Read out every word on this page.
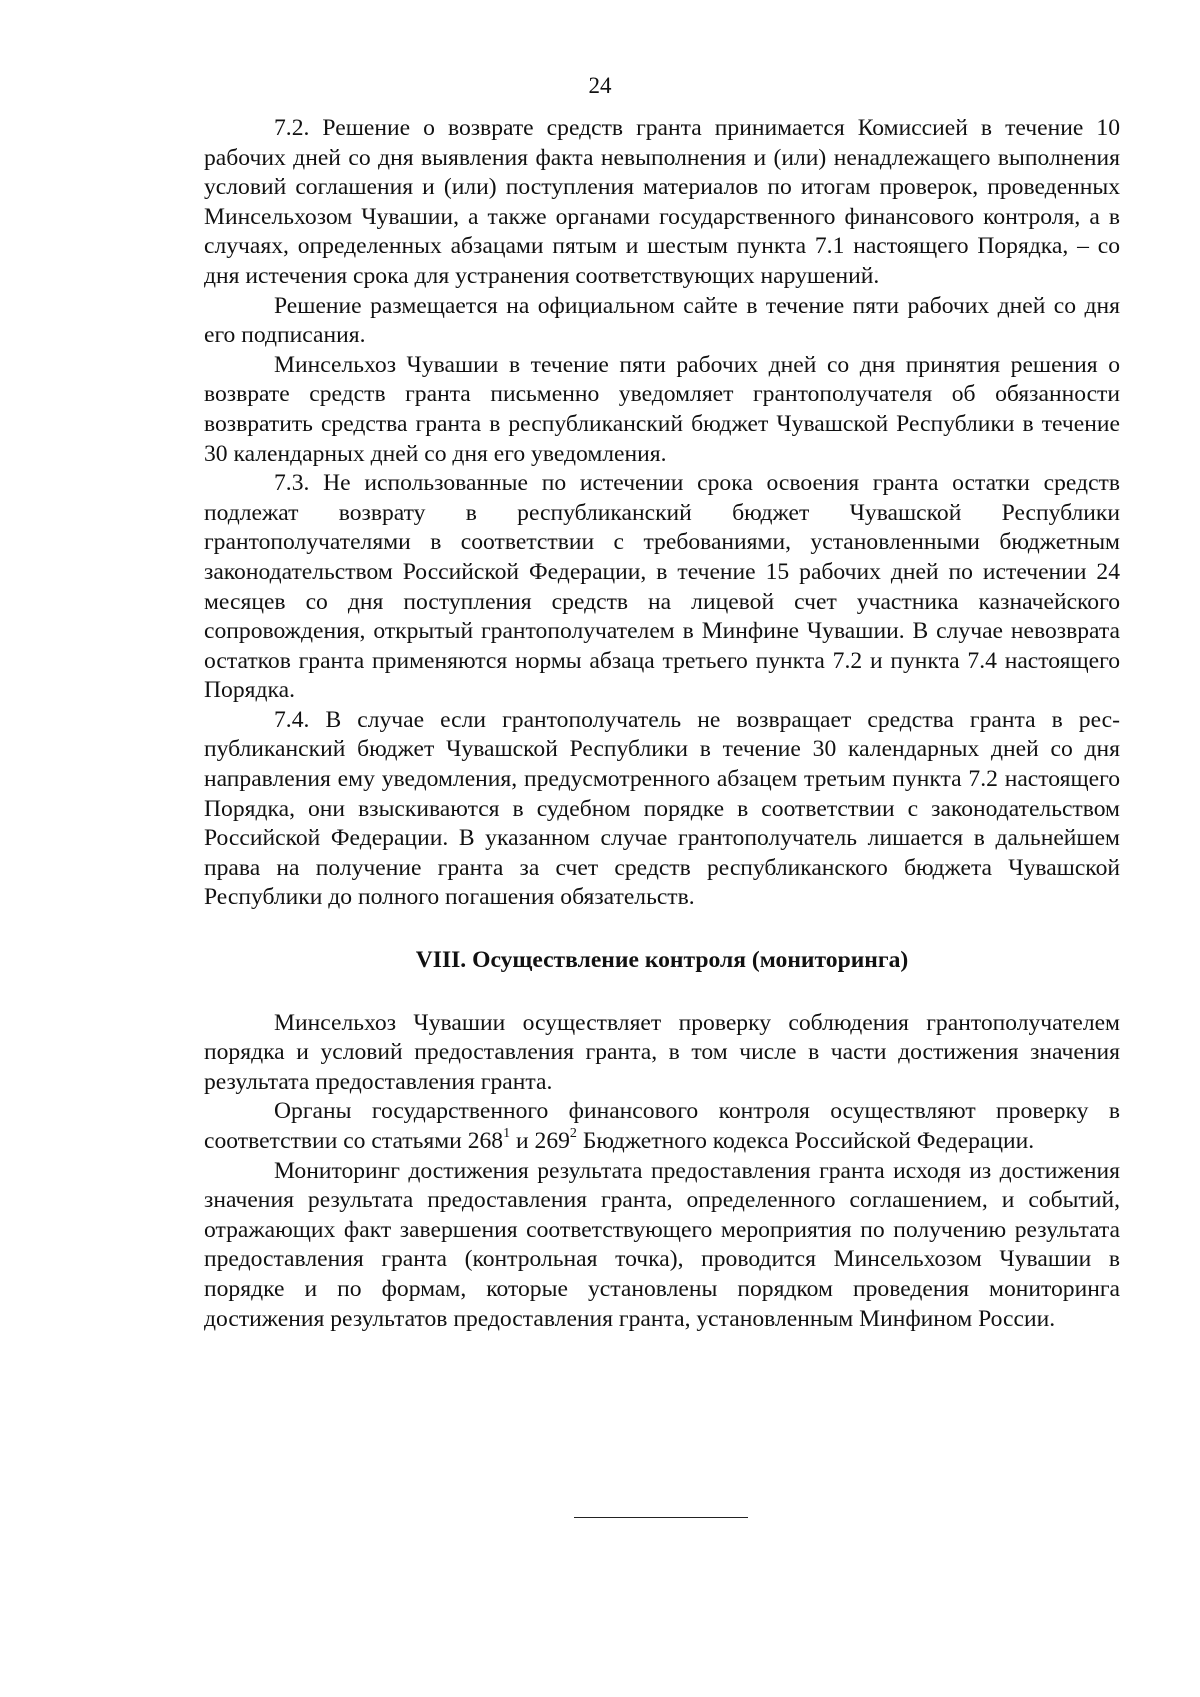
24

7.2. Решение о возврате средств гранта принимается Комиссией в течение 10 рабочих дней со дня выявления факта невыполнения и (или) ненадлежащего выполнения условий соглашения и (или) поступления материалов по итогам проверок, проведенных Минсельхозом Чувашии, а также органами государственного финансового контроля, а в случаях, определенных абзацами пятым и шестым пункта 7.1 настоящего Порядка, – со дня истечения срока для устранения соответствующих нарушений.

Решение размещается на официальном сайте в течение пяти рабочих дней со дня его подписания.

Минсельхоз Чувашии в течение пяти рабочих дней со дня принятия решения о возврате средств гранта письменно уведомляет грантополучателя об обязанности возвратить средства гранта в республиканский бюджет Чувашской Республики в течение 30 календарных дней со дня его уведомления.

7.3. Не использованные по истечении срока освоения гранта остатки средств подлежат возврату в республиканский бюджет Чувашской Республики грантополучателями в соответствии с требованиями, установленными бюджетным законодательством Российской Федерации, в течение 15 рабочих дней по истечении 24 месяцев со дня поступления средств на лицевой счет участника казначейского сопровождения, открытый грантополучателем в Минфине Чувашии. В случае невозврата остатков гранта применяются нормы абзаца третьего пункта 7.2 и пункта 7.4 настоящего Порядка.

7.4. В случае если грантополучатель не возвращает средства гранта в республиканский бюджет Чувашской Республики в течение 30 календарных дней со дня направления ему уведомления, предусмотренного абзацем третьим пункта 7.2 настоящего Порядка, они взыскиваются в судебном порядке в соответствии с законодательством Российской Федерации. В указанном случае грантополучатель лишается в дальнейшем права на получение гранта за счет средств республиканского бюджета Чувашской Республики до полного погашения обязательств.

VIII. Осуществление контроля (мониторинга)

Минсельхоз Чувашии осуществляет проверку соблюдения грантополучателем порядка и условий предоставления гранта, в том числе в части достижения значения результата предоставления гранта.

Органы государственного финансового контроля осуществляют проверку в соответствии со статьями $268^1$ и $269^2$ Бюджетного кодекса Российской Федерации.

Мониторинг достижения результата предоставления гранта исходя из достижения значения результата предоставления гранта, определенного соглашением, и событий, отражающих факт завершения соответствующего мероприятия по получению результата предоставления гранта (контрольная точка), проводится Минсельхозом Чувашии в порядке и по формам, которые установлены порядком проведения мониторинга достижения результатов предоставления гранта, установленным Минфином России.
